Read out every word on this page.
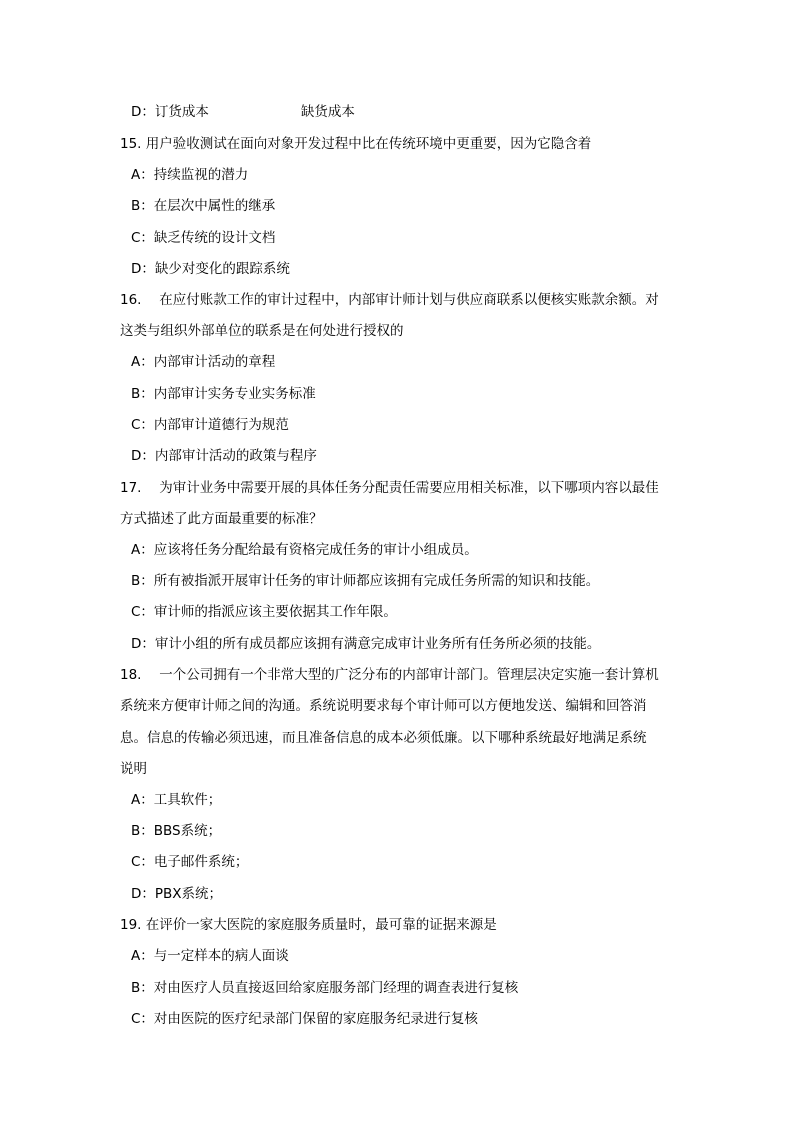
D：订货成本	缺货成本
15. 用户验收测试在面向对象开发过程中比在传统环境中更重要，因为它隐含着
A：持续监视的潜力
B：在层次中属性的继承
C：缺乏传统的设计文档
D：缺少对变化的跟踪系统
16.　 在应付账款工作的审计过程中，内部审计师计划与供应商联系以便核实账款余额。对
这类与组织外部单位的联系是在何处进行授权的
A：内部审计活动的章程
B：内部审计实务专业实务标准
C：内部审计道德行为规范
D：内部审计活动的政策与程序
17.　 为审计业务中需要开展的具体任务分配责任需要应用相关标准，以下哪项内容以最佳
方式描述了此方面最重要的标准？
A：应该将任务分配给最有资格完成任务的审计小组成员。
B：所有被指派开展审计任务的审计师都应该拥有完成任务所需的知识和技能。
C：审计师的指派应该主要依据其工作年限。
D：审计小组的所有成员都应该拥有满意完成审计业务所有任务所必须的技能。
18.　 一个公司拥有一个非常大型的广泛分布的内部审计部门。管理层决定实施一套计算机
系统来方便审计师之间的沟通。系统说明要求每个审计师可以方便地发送、编辑和回答消
息。信息的传输必须迅速，而且准备信息的成本必须低廉。以下哪种系统最好地满足系统
说明
A：工具软件；
B：BBS系统；
C：电子邮件系统；
D：PBX系统；
19. 在评价一家大医院的家庭服务质量时，最可靠的证据来源是
A：与一定样本的病人面谈
B：对由医疗人员直接返回给家庭服务部门经理的调查表进行复核
C：对由医院的医疗纪录部门保留的家庭服务纪录进行复核
